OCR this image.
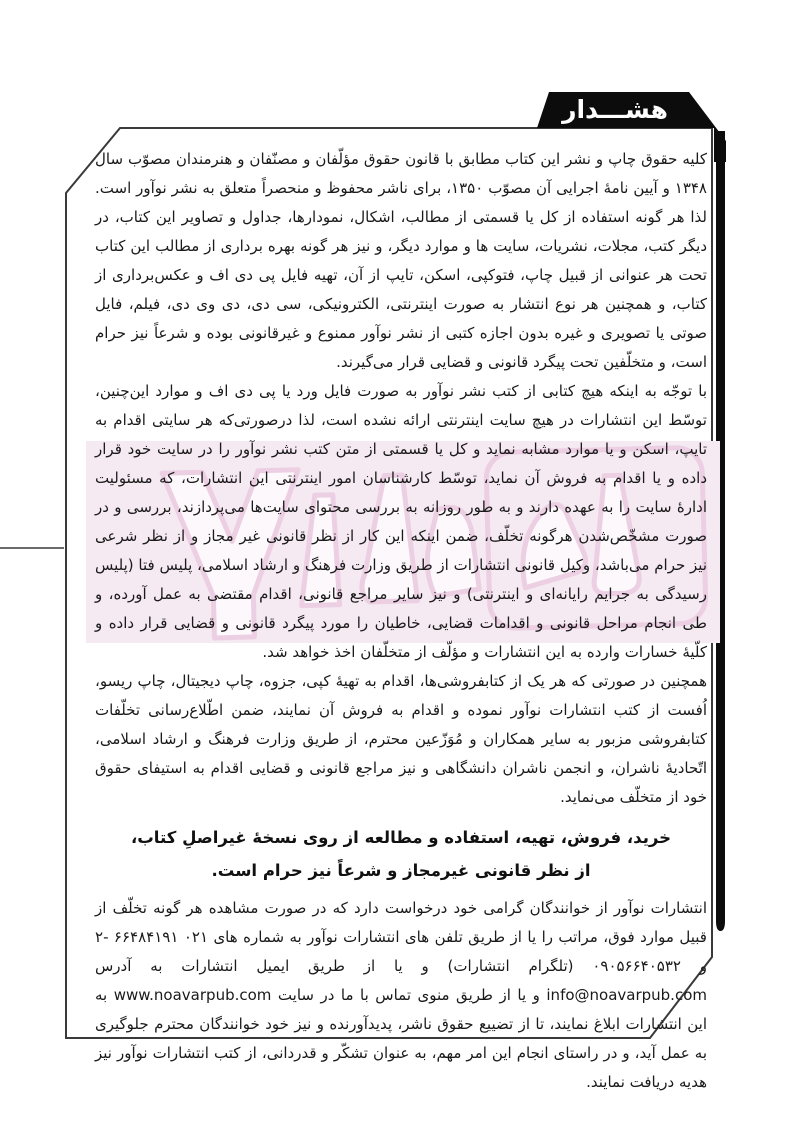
هشـــدار

کلیه حقوق چاپ و نشر این کتاب مطابق با قانون حقوق مؤلّفان و مصنّفان و هنرمندان مصوّب سال ۱۳۴۸ و آیین نامهٔ اجرایی آن مصوّب ۱۳۵۰، برای ناشر محفوظ و منحصراً متعلق به نشر نوآور است. لذا هر گونه استفاده از کل یا قسمتی از مطالب، اشکال، نمودارها، جداول و تصاویر این کتاب، در دیگر کتب، مجلات، نشریات، سایت ها و موارد دیگر، و نیز هر گونه بهره برداری از مطالب این کتاب تحت هر عنوانی از قبیل چاپ، فتوکپی، اسکن، تایپ از آن، تهیه فایل پی دی اف و عکس‌برداری از کتاب، و همچنین هر نوع انتشار به صورت اینترنتی، الکترونیکی، سی دی، دی وی دی، فیلم، فایل صوتی یا تصویری و غیره بدون اجازه کتبی از نشر نوآور ممنوع و غیرقانونی بوده و شرعاً نیز حرام است، و متخلّفین تحت پیگرد قانونی و قضایی قرار می‌گیرند.

با توجّه به اینکه هیچ کتابی از کتب نشر نوآور به صورت فایل ورد یا پی دی اف و موارد این‌چنین، توسّط این انتشارات در هیچ سایت اینترنتی ارائه نشده است، لذا درصورتی‌که هر سایتی اقدام به تایپ، اسکن و یا موارد مشابه نماید و کل یا قسمتی از متن کتب نشر نوآور را در سایت خود قرار داده و یا اقدام به فروش آن نماید، توسّط کارشناسان امور اینترنتی این انتشارات، که مسئولیت ادارهٔ سایت را به عهده دارند و به طور روزانه به بررسی محتوای سایت‌ها می‌پردازند، بررسی و در صورت مشخّص‌شدن هرگونه تخلّف، ضمن اینکه این کار از نظر قانونی غیر مجاز و از نظر شرعی نیز حرام می‌باشد، وکیل قانونی انتشارات از طریق وزارت فرهنگ و ارشاد اسلامی، پلیس فتا (پلیس رسیدگی به جرایم رایانه‌ای و اینترنتی) و نیز سایر مراجع قانونی، اقدام مقتضی به عمل آورده، و طی انجام مراحل قانونی و اقدامات قضایی، خاطیان را مورد پیگرد قانونی و قضایی قرار داده و کلّیهٔ خسارات وارده به این انتشارات و مؤلّف از متخلّفان اخذ خواهد شد.

همچنین در صورتی که هر یک از کتابفروشی‌ها، اقدام به تهیهٔ کپی، جزوه، چاپ دیجیتال، چاپ ریسو، اُفست از کتب انتشارات نوآور نموده و اقدام به فروش آن نمایند، ضمن اطّلاع‌رسانی تخلّفات کتابفروشی مزبور به سایر همکاران و مُوَزّعین محترم، از طریق وزارت فرهنگ و ارشاد اسلامی، اتّحادیهٔ ناشران، و انجمن ناشران دانشگاهی و نیز مراجع قانونی و قضایی اقدام به استیفای حقوق خود از متخلّف می‌نماید.

خرید، فروش، تهیه، استفاده و مطالعه از روی نسخهٔ غیراصلِ کتاب،
از نظر قانونی غیرمجاز و شرعاً نیز حرام است.

انتشارات نوآور از خوانندگان گرامی خود درخواست دارد که در صورت مشاهده هر گونه تخلّف از قبیل موارد فوق، مراتب را یا از طریق تلفن های انتشارات نوآور به شماره های ۰۲۱ ۶۶۴۸۴۱۹۱ -۲ و ۰۹۰۵۶۶۴۰۵۳۲ (تلگرام انتشارات) و یا از طریق ایمیل انتشارات به آدرس info@noavarpub.com و یا از طریق منوی تماس با ما در سایت www.noavarpub.com به این انتشارات ابلاغ نمایند، تا از تضییع حقوق ناشر، پدیدآورنده و نیز خود خوانندگان محترم جلوگیری به عمل آید، و در راستای انجام این امر مهم، به عنوان تشکّر و قدردانی، از کتب انتشارات نوآور نیز هدیه دریافت نمایند.
